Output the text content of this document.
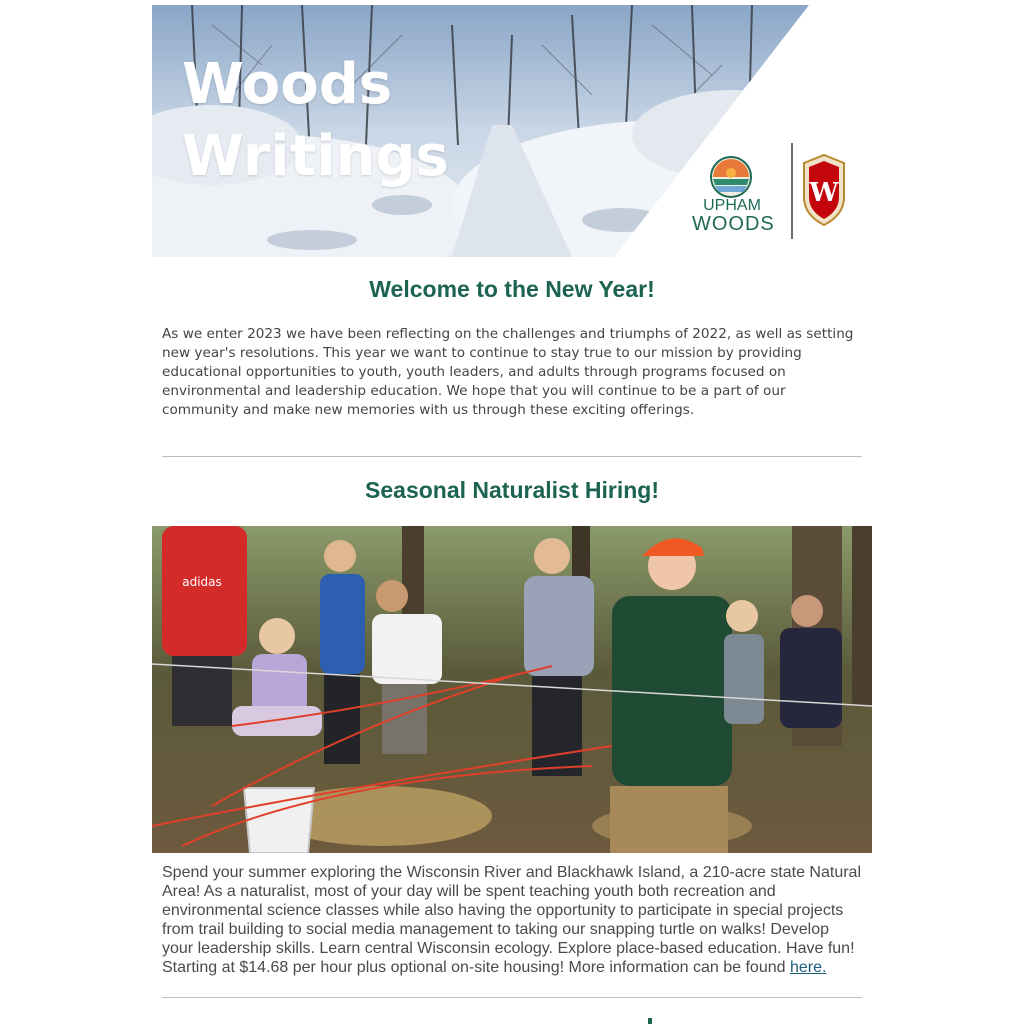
Woods
Writings
UPHAM
WOODS
W
Welcome to the New Year!

As we enter 2023 we have been reflecting on the challenges and triumphs of 2022, as well as setting new year's resolutions. This year we want to continue to stay true to our mission by providing educational opportunities to youth, youth leaders, and adults through programs focused on environmental and leadership education. We hope that you will continue to be a part of our community and make new memories with us through these exciting offerings.

Seasonal Naturalist Hiring!
adidas

Spend your summer exploring the Wisconsin River and Blackhawk Island, a 210-acre state Natural Area! As a naturalist, most of your day will be spent teaching youth both recreation and environmental science classes while also having the opportunity to participate in special projects from trail building to social media management to taking our snapping turtle on walks! Develop your leadership skills. Learn central Wisconsin ecology. Explore place-based education. Have fun! Starting at $14.68 per hour plus optional on-site housing! More information can be found here.
